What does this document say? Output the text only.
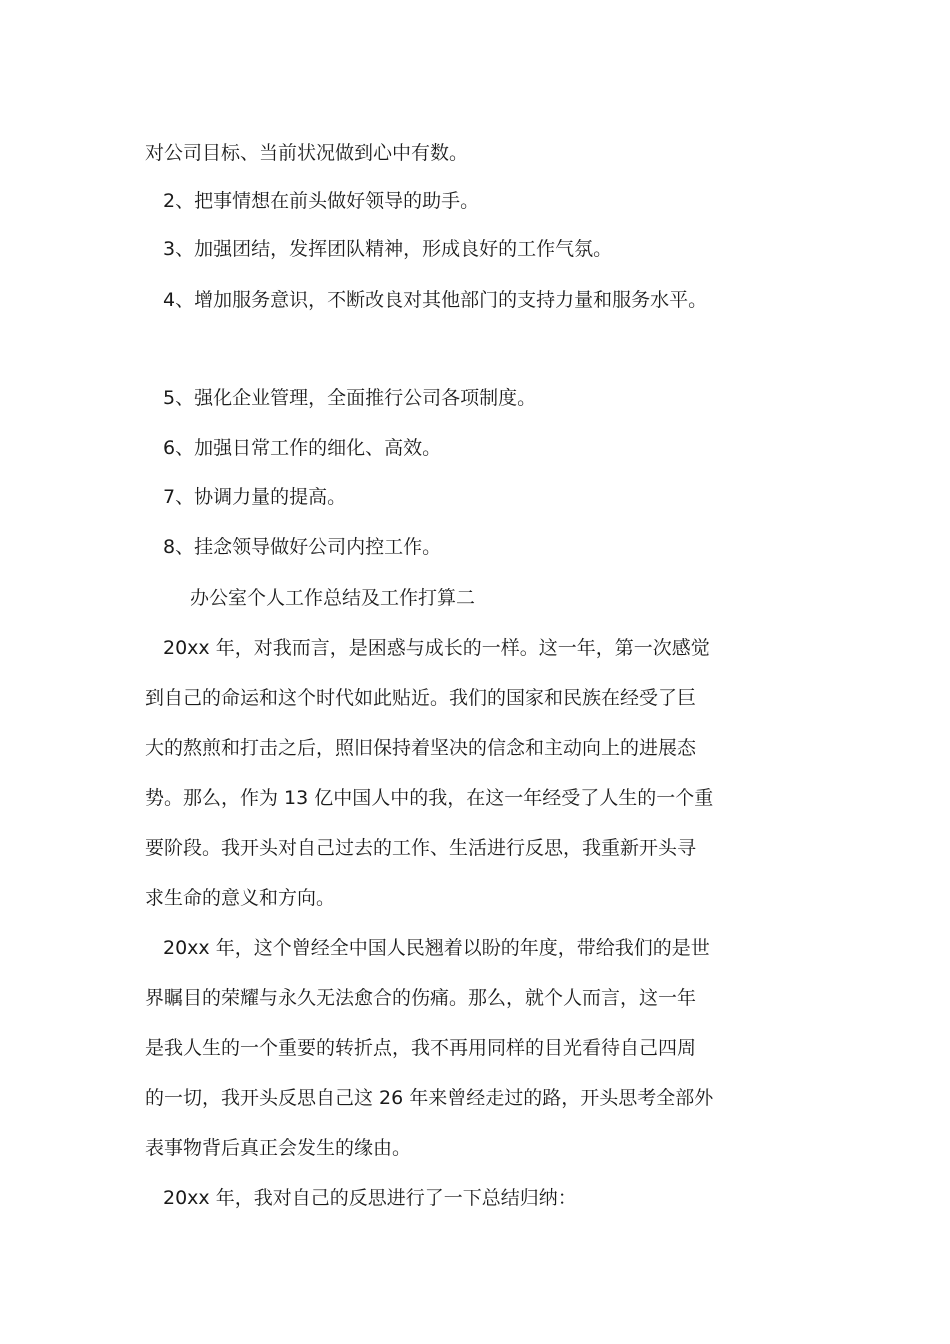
对公司目标、当前状况做到心中有数。
2、把事情想在前头做好领导的助手。
3、加强团结，发挥团队精神，形成良好的工作气氛。
4、增加服务意识，不断改良对其他部门的支持力量和服务水平。
5、强化企业管理，全面推行公司各项制度。
6、加强日常工作的细化、高效。
7、协调力量的提高。
8、挂念领导做好公司内控工作。
办公室个人工作总结及工作打算二
20xx 年，对我而言，是困惑与成长的一样。这一年，第一次感觉
到自己的命运和这个时代如此贴近。我们的国家和民族在经受了巨
大的熬煎和打击之后，照旧保持着坚决的信念和主动向上的进展态
势。那么，作为 13 亿中国人中的我，在这一年经受了人生的一个重
要阶段。我开头对自己过去的工作、生活进行反思，我重新开头寻
求生命的意义和方向。
20xx 年，这个曾经全中国人民翘着以盼的年度，带给我们的是世
界瞩目的荣耀与永久无法愈合的伤痛。那么，就个人而言，这一年
是我人生的一个重要的转折点，我不再用同样的目光看待自己四周
的一切，我开头反思自己这 26 年来曾经走过的路，开头思考全部外
表事物背后真正会发生的缘由。
20xx 年，我对自己的反思进行了一下总结归纳：
